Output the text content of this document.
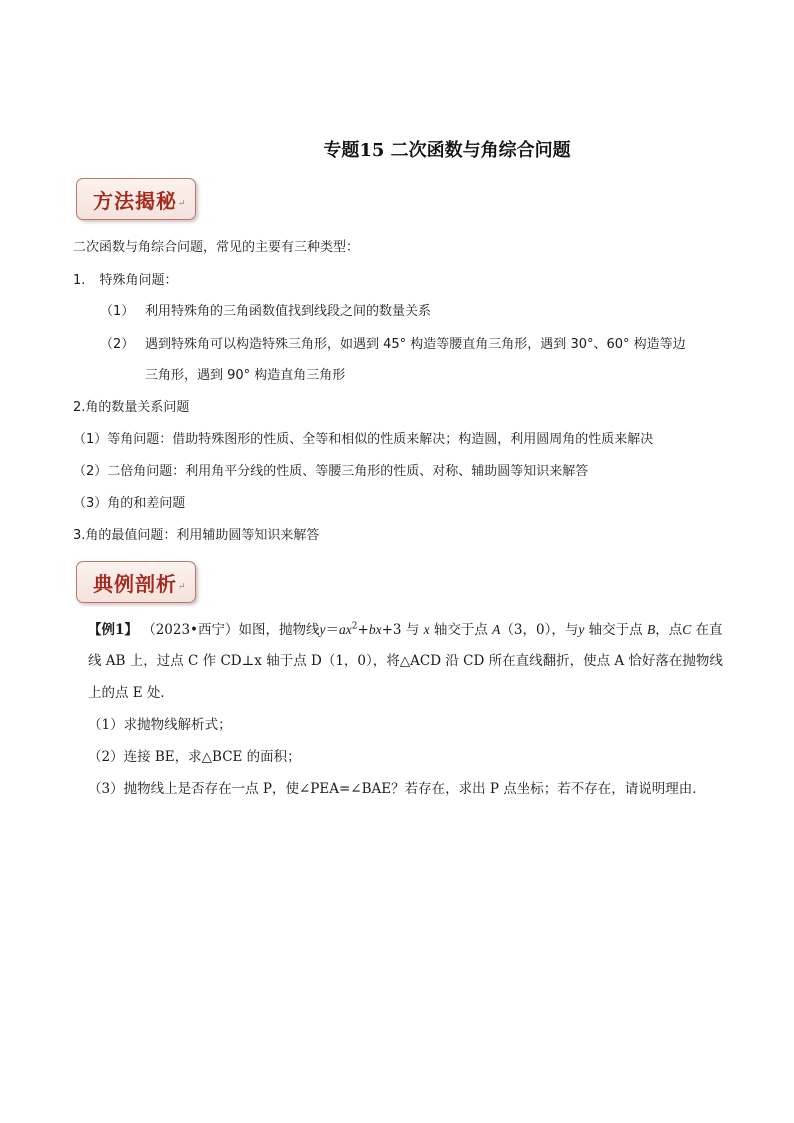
专题15 二次函数与角综合问题
方法揭秘 ↵
二次函数与角综合问题，常见的主要有三种类型：
1. 特殊角问题：
（1） 利用特殊角的三角函数值找到线段之间的数量关系
（2） 遇到特殊角可以构造特殊三角形，如遇到 45° 构造等腰直角三角形，遇到 30°、60° 构造等边
三角形，遇到 90° 构造直角三角形
2.角的数量关系问题
（1）等角问题：借助特殊图形的性质、全等和相似的性质来解决；构造圆，利用圆周角的性质来解决
（2）二倍角问题：利用角平分线的性质、等腰三角形的性质、对称、辅助圆等知识来解答
（3）角的和差问题
3.角的最值问题：利用辅助圆等知识来解答
典例剖析 ↵
【例1】 （2023•西宁）如图，抛物线$y=ax^2+bx+3$ 与 x 轴交于点 A（3，0），与y 轴交于点 B，点C 在直
线 AB 上，过点 C 作 CD⊥x 轴于点 D（1，0），将△ACD 沿 CD 所在直线翻折，使点 A 恰好落在抛物线
上的点 E 处．
（1）求抛物线解析式；
（2）连接 BE，求△BCE 的面积；
（3）抛物线上是否存在一点 P，使∠PEA=∠BAE？若存在，求出 P 点坐标；若不存在，请说明理由．
